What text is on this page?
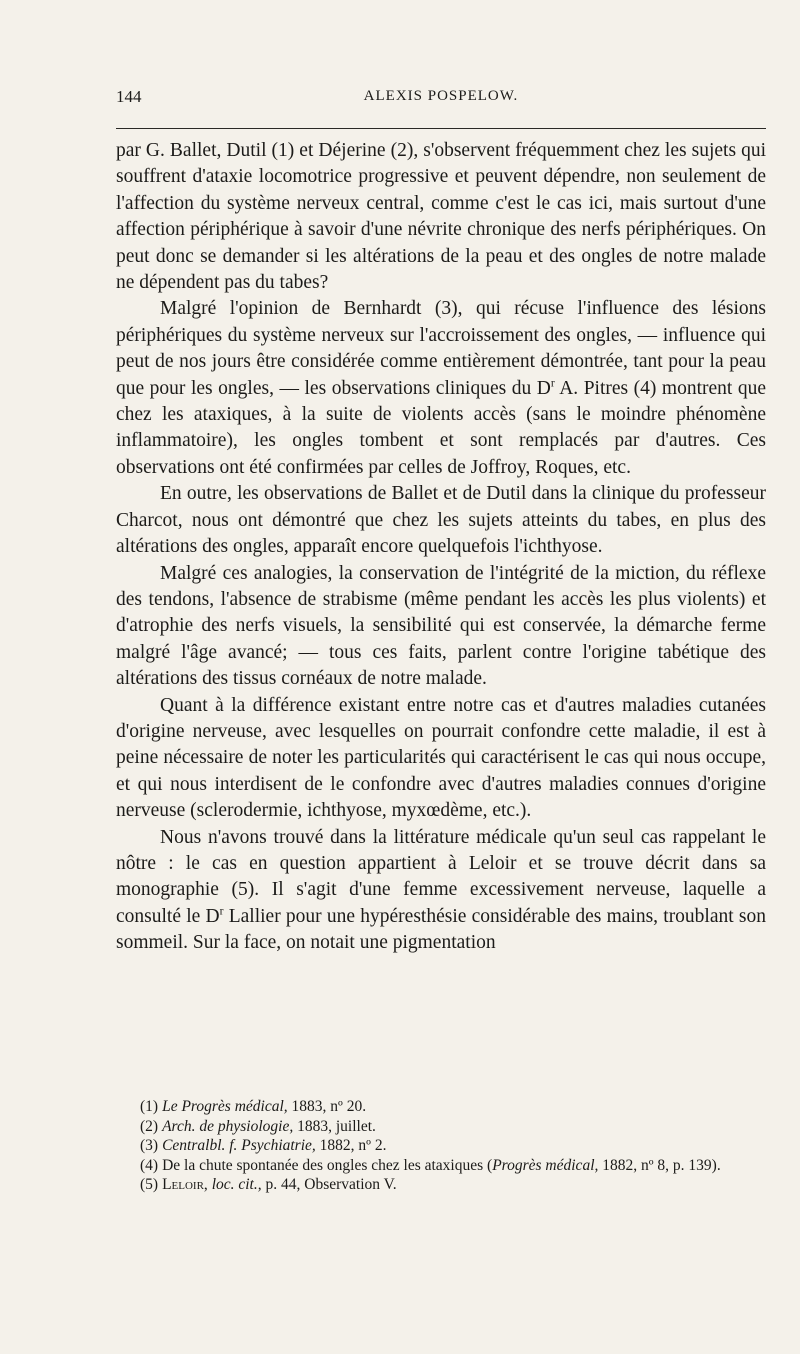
144	ALEXIS POSPELOW.

par G. Ballet, Dutil (1) et Déjerine (2), s'observent fréquemment chez les sujets qui souffrent d'ataxie locomotrice progressive et peuvent dépendre, non seulement de l'affection du système nerveux central, comme c'est le cas ici, mais surtout d'une affection périphérique à savoir d'une névrite chronique des nerfs périphériques. On peut donc se demander si les altérations de la peau et des ongles de notre malade ne dépendent pas du tabes?

Malgré l'opinion de Bernhardt (3), qui récuse l'influence des lésions périphériques du système nerveux sur l'accroissement des ongles, — influence qui peut de nos jours être considérée comme entièrement démontrée, tant pour la peau que pour les ongles, — les observations cliniques du $D^r$ A. Pitres (4) montrent que chez les ataxiques, à la suite de violents accès (sans le moindre phénomène inflammatoire), les ongles tombent et sont remplacés par d'autres. Ces observations ont été confirmées par celles de Joffroy, Roques, etc.

En outre, les observations de Ballet et de Dutil dans la clinique du professeur Charcot, nous ont démontré que chez les sujets atteints du tabes, en plus des altérations des ongles, apparaît encore quelquefois l'ichthyose.

Malgré ces analogies, la conservation de l'intégrité de la miction, du réflexe des tendons, l'absence de strabisme (même pendant les accès les plus violents) et d'atrophie des nerfs visuels, la sensibilité qui est conservée, la démarche ferme malgré l'âge avancé; — tous ces faits, parlent contre l'origine tabétique des altérations des tissus cornéaux de notre malade.

Quant à la différence existant entre notre cas et d'autres maladies cutanées d'origine nerveuse, avec lesquelles on pourrait confondre cette maladie, il est à peine nécessaire de noter les particularités qui caractérisent le cas qui nous occupe, et qui nous interdisent de le confondre avec d'autres maladies connues d'origine nerveuse (sclerodermie, ichthyose, myxœdème, etc.).

Nous n'avons trouvé dans la littérature médicale qu'un seul cas rappelant le nôtre : le cas en question appartient à Leloir et se trouve décrit dans sa monographie (5). Il s'agit d'une femme excessivement nerveuse, laquelle a consulté le $D^r$ Lallier pour une hypéresthésie considérable des mains, troublant son sommeil. Sur la face, on notait une pigmentation

(1) Le Progrès médical, 1883, nº 20.

(2) Arch. de physiologie, 1883, juillet.

(3) Centralbl. f. Psychiatrie, 1882, nº 2.

(4) De la chute spontanée des ongles chez les ataxiques (Progrès médical, 1882, nº 8, p. 139).

(5) Leloir, loc. cit., p. 44, Observation V.
